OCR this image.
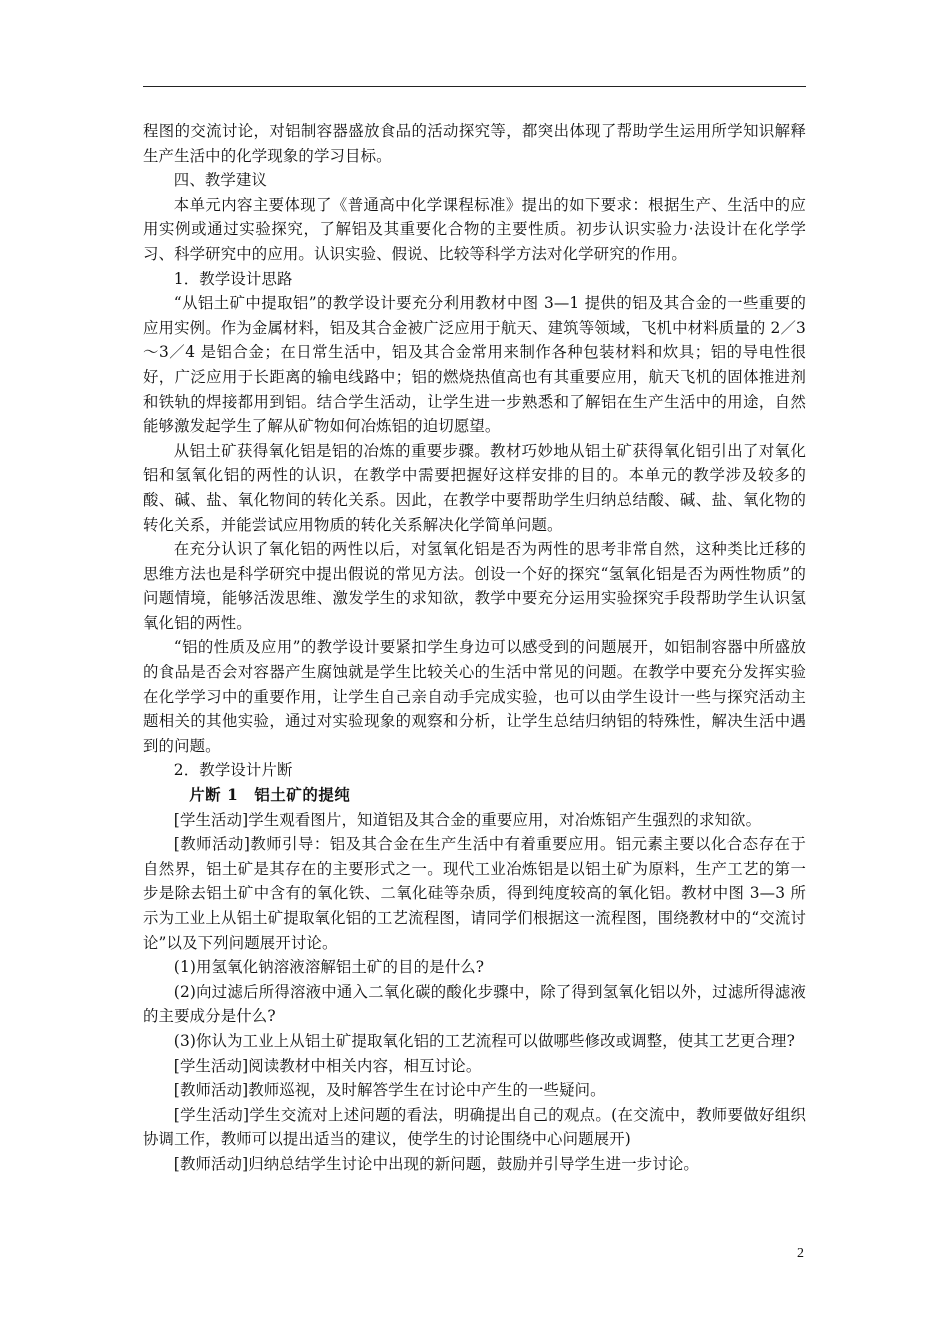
程图的交流讨论，对铝制容器盛放食品的活动探究等，都突出体现了帮助学生运用所学知识解释生产生活中的化学现象的学习目标。

四、教学建议

本单元内容主要体现了《普通高中化学课程标准》提出的如下要求：根据生产、生活中的应用实例或通过实验探究，了解铝及其重要化合物的主要性质。初步认识实验力·法设计在化学学习、科学研究中的应用。认识实验、假说、比较等科学方法对化学研究的作用。

1．教学设计思路

“从铝土矿中提取铝”的教学设计要充分利用教材中图 3—1 提供的铝及其合金的一些重要的应用实例。作为金属材料，铝及其合金被广泛应用于航天、建筑等领域，飞机中材料质量的 2／3～3／4 是铝合金；在日常生活中，铝及其合金常用来制作各种包装材料和炊具；铝的导电性很好，广泛应用于长距离的输电线路中；铝的燃烧热值高也有其重要应用，航天飞机的固体推进剂和铁轨的焊接都用到铝。结合学生活动，让学生进一步熟悉和了解铝在生产生活中的用途，自然能够激发起学生了解从矿物如何冶炼铝的迫切愿望。

从铝土矿获得氧化铝是铝的冶炼的重要步骤。教材巧妙地从铝土矿获得氧化铝引出了对氧化铝和氢氧化铝的两性的认识，在教学中需要把握好这样安排的目的。本单元的教学涉及较多的酸、碱、盐、氧化物间的转化关系。因此，在教学中要帮助学生归纳总结酸、碱、盐、氧化物的转化关系，并能尝试应用物质的转化关系解决化学简单问题。

在充分认识了氧化铝的两性以后，对氢氧化铝是否为两性的思考非常自然，这种类比迁移的思维方法也是科学研究中提出假说的常见方法。创设一个好的探究“氢氧化铝是否为两性物质”的问题情境，能够活泼思维、激发学生的求知欲，教学中要充分运用实验探究手段帮助学生认识氢氧化铝的两性。

“铝的性质及应用”的教学设计要紧扣学生身边可以感受到的问题展开，如铝制容器中所盛放的食品是否会对容器产生腐蚀就是学生比较关心的生活中常见的问题。在教学中要充分发挥实验在化学学习中的重要作用，让学生自己亲自动手完成实验，也可以由学生设计一些与探究活动主题相关的其他实验，通过对实验现象的观察和分析，让学生总结归纳铝的特殊性，解决生活中遇到的问题。

2．教学设计片断

片断 1　铝土矿的提纯

[学生活动]学生观看图片，知道铝及其合金的重要应用，对冶炼铝产生强烈的求知欲。

[教师活动]教师引导：铝及其合金在生产生活中有着重要应用。铝元素主要以化合态存在于自然界，铝土矿是其存在的主要形式之一。现代工业冶炼铝是以铝土矿为原料，生产工艺的第一步是除去铝土矿中含有的氧化铁、二氧化硅等杂质，得到纯度较高的氧化铝。教材中图 3—3 所示为工业上从铝土矿提取氧化铝的工艺流程图，请同学们根据这一流程图，围绕教材中的“交流讨论”以及下列问题展开讨论。

(1)用氢氧化钠溶液溶解铝土矿的目的是什么?

(2)向过滤后所得溶液中通入二氧化碳的酸化步骤中，除了得到氢氧化铝以外，过滤所得滤液的主要成分是什么?

(3)你认为工业上从铝土矿提取氧化铝的工艺流程可以做哪些修改或调整，使其工艺更合理?

[学生活动]阅读教材中相关内容，相互讨论。

[教师活动]教师巡视，及时解答学生在讨论中产生的一些疑问。

[学生活动]学生交流对上述问题的看法，明确提出自己的观点。(在交流中，教师要做好组织协调工作，教师可以提出适当的建议，使学生的讨论围绕中心问题展开)

[教师活动]归纳总结学生讨论中出现的新问题，鼓励并引导学生进一步讨论。

2
